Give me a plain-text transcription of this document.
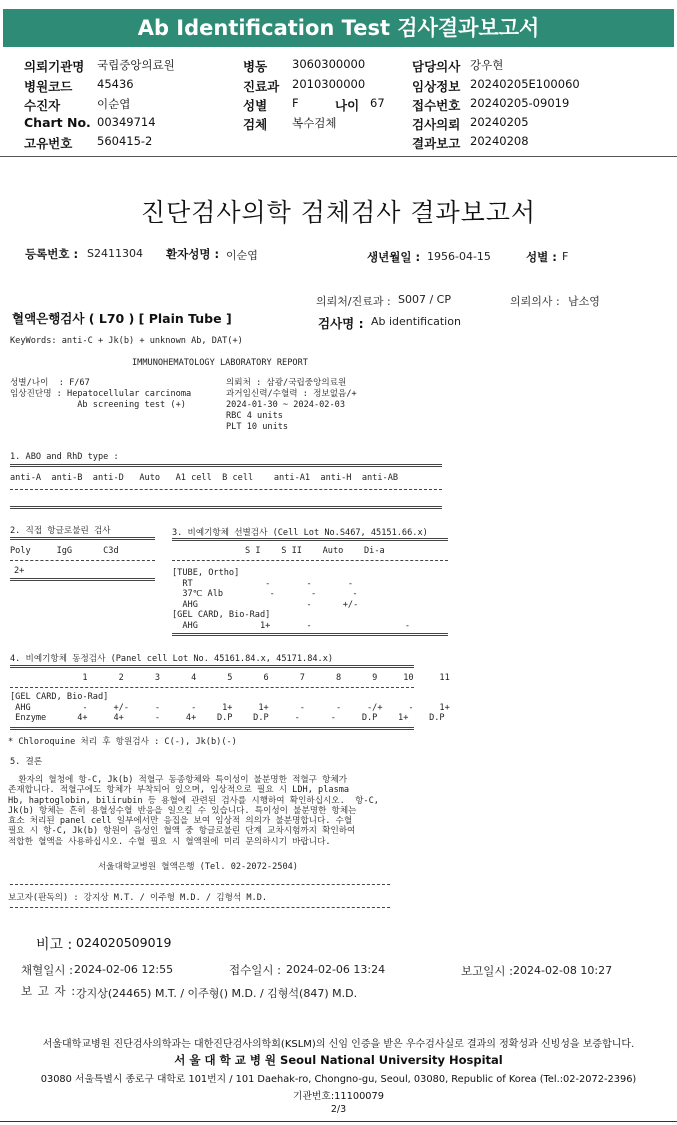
Ab Identification Test 검사결과보고서
의뢰기관명 국립중앙의료원
병원코드 45436
수진자	이순엽
Chart No. 00349714
고유번호 560415-2
병동 3060300000
진료과 2010300000
성별 F	나이 67
검체 복수검체
담당의사 강우현
임상정보 20240205E100060
접수번호 20240205-09019
검사의뢰 20240205
결과보고 20240208
진단검사의학 검체검사 결과보고서
등록번호 : S2411304 환자성명 : 이순엽	생년월일 : 1956-04-15	성별 : F
의뢰처/진료과 : S007 / CP	의뢰의사 : 남소영
혈액은행검사 ( L70 ) [ Plain Tube ]	검사명 : Ab identification
KeyWords: anti-C + Jk(b) + unknown Ab, DAT(+)
IMMUNOHEMATOLOGY LABORATORY REPORT
성별/나이  : F/67
임상진단명 : Hepatocellular carcinoma
Ab screening test (+)
의뢰처 : 삼광/국립중앙의료원
과거임신력/수혈력 : 정보없음/+
2024-01-30 ~ 2024-02-03
RBC 4 units
PLT 10 units
1. ABO and RhD type :
anti-A  anti-B  anti-D   Auto   A1 cell  B cell    anti-A1  anti-H  anti-AB
2. 직접 항글로불린 검사
Poly     IgG      C3d
2+
3. 비예기항체 선별검사 (Cell Lot No.S467, 45151.66.x)
S I    S II    Auto    Di-a
[TUBE, Ortho]
RT              -       -       -
37℃ Alb         -       -       -
AHG                     -      +/-
[GEL CARD, Bio-Rad]
AHG            1+       -                  -
4. 비예기항체 동정검사 (Panel cell Lot No. 45161.84.x, 45171.84.x)
1      2      3      4      5      6      7      8      9     10     11
[GEL CARD, Bio-Rad]
AHG          -     +/-     -      -     1+     1+      -      -     -/+     -     1+
Enzyme      4+     4+      -     4+    D.P    D.P     -      -     D.P    1+    D.P
* Chloroquine 처리 후 항원검사 : C(-), Jk(b)(-)
5. 결론
환자의 혈청에 항-C, Jk(b) 적혈구 동종항체와 특이성이 불분명한 적혈구 항체가
존재합니다. 적혈구에도 항체가 부착되어 있으며, 임상적으로 필요 시 LDH, plasma
Hb, haptoglobin, bilirubin 등 용혈에 관련된 검사를 시행하여 확인하십시오.  항-C,
Jk(b) 항체는 흔히 용혈성수혈 반응을 일으킬 수 있습니다. 특이성이 불분명한 항체는
효소 처리된 panel cell 일부에서만 응집을 보여 임상적 의의가 불분명합니다. 수혈
필요 시 항-C, Jk(b) 항원이 음성인 혈액 중 항글로불린 단계 교차시험까지 확인하여
적합한 혈액을 사용하십시오. 수혈 필요 시 혈액원에 미리 문의하시기 바랍니다.
서울대학교병원 혈액은행 (Tel. 02-2072-2504)
보고자(판독의) : 강지상 M.T. / 이주형 M.D. / 김형석 M.D.
비고 : 024020509019
채혈일시 : 2024-02-06 12:55	접수일시 : 2024-02-06 13:24	보고일시 : 2024-02-08 10:27
보 고 자 : 강지상(24465) M.T. / 이주형() M.D. / 김형석(847) M.D.
서울대학교병원 진단검사의학과는 대한진단검사의학회(KSLM)의 신임 인증을 받은 우수검사실로 결과의 정확성과 신빙성을 보증합니다.
서 울 대 학 교 병 원 Seoul National University Hospital
03080 서울특별시 종로구 대학로 101번지 / 101 Daehak-ro, Chongno-gu, Seoul, 03080, Republic of Korea (Tel.:02-2072-2396)
기관번호:11100079
2/3
